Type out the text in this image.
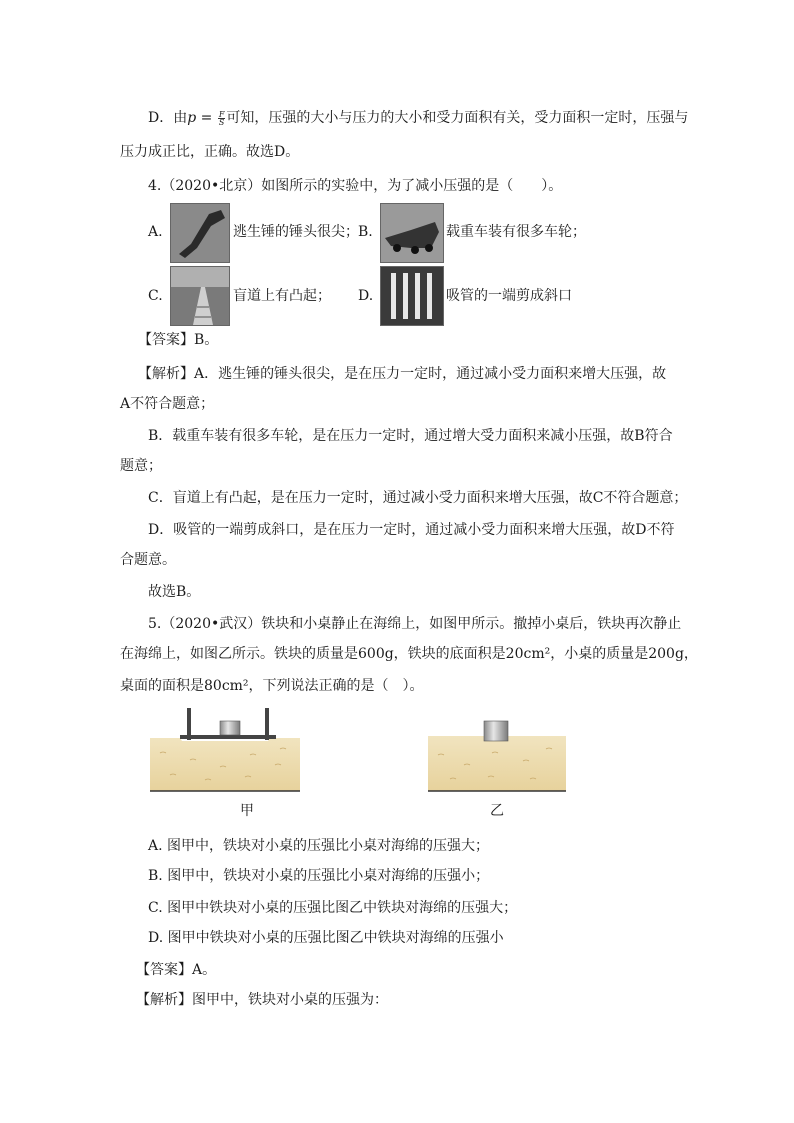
D．由$p = \frac{F}{S}$ 可知，压强的大小与压力的大小和受力面积有关，受力面积一定时，压强与
压力成正比，正确。故选D。
4.（2020•北京）如图所示的实验中，为了减小压强的是（　　）。
A.	逃生锤的锤头很尖； B.	载重车装有很多车轮；
C.	盲道上有凸起； D.	吸管的一端剪成斜口
【答案】B。
【解析】A．逃生锤的锤头很尖，是在压力一定时，通过减小受力面积来增大压强，故
A不符合题意；
B．载重车装有很多车轮，是在压力一定时，通过增大受力面积来减小压强，故B符合
题意；
C．盲道上有凸起，是在压力一定时，通过减小受力面积来增大压强，故C不符合题意；
D．吸管的一端剪成斜口，是在压力一定时，通过减小受力面积来增大压强，故D不符
合题意。
故选B。
5.（2020•武汉）铁块和小桌静止在海绵上，如图甲所示。撤掉小桌后，铁块再次静止
在海绵上，如图乙所示。铁块的质量是600g，铁块的底面积是20cm²，小桌的质量是200g，
桌面的面积是80cm²，下列说法正确的是（　）。
甲	乙
A. 图甲中，铁块对小桌的压强比小桌对海绵的压强大；
B. 图甲中，铁块对小桌的压强比小桌对海绵的压强小；
C. 图甲中铁块对小桌的压强比图乙中铁块对海绵的压强大；
D. 图甲中铁块对小桌的压强比图乙中铁块对海绵的压强小
【答案】A。
【解析】图甲中，铁块对小桌的压强为：
